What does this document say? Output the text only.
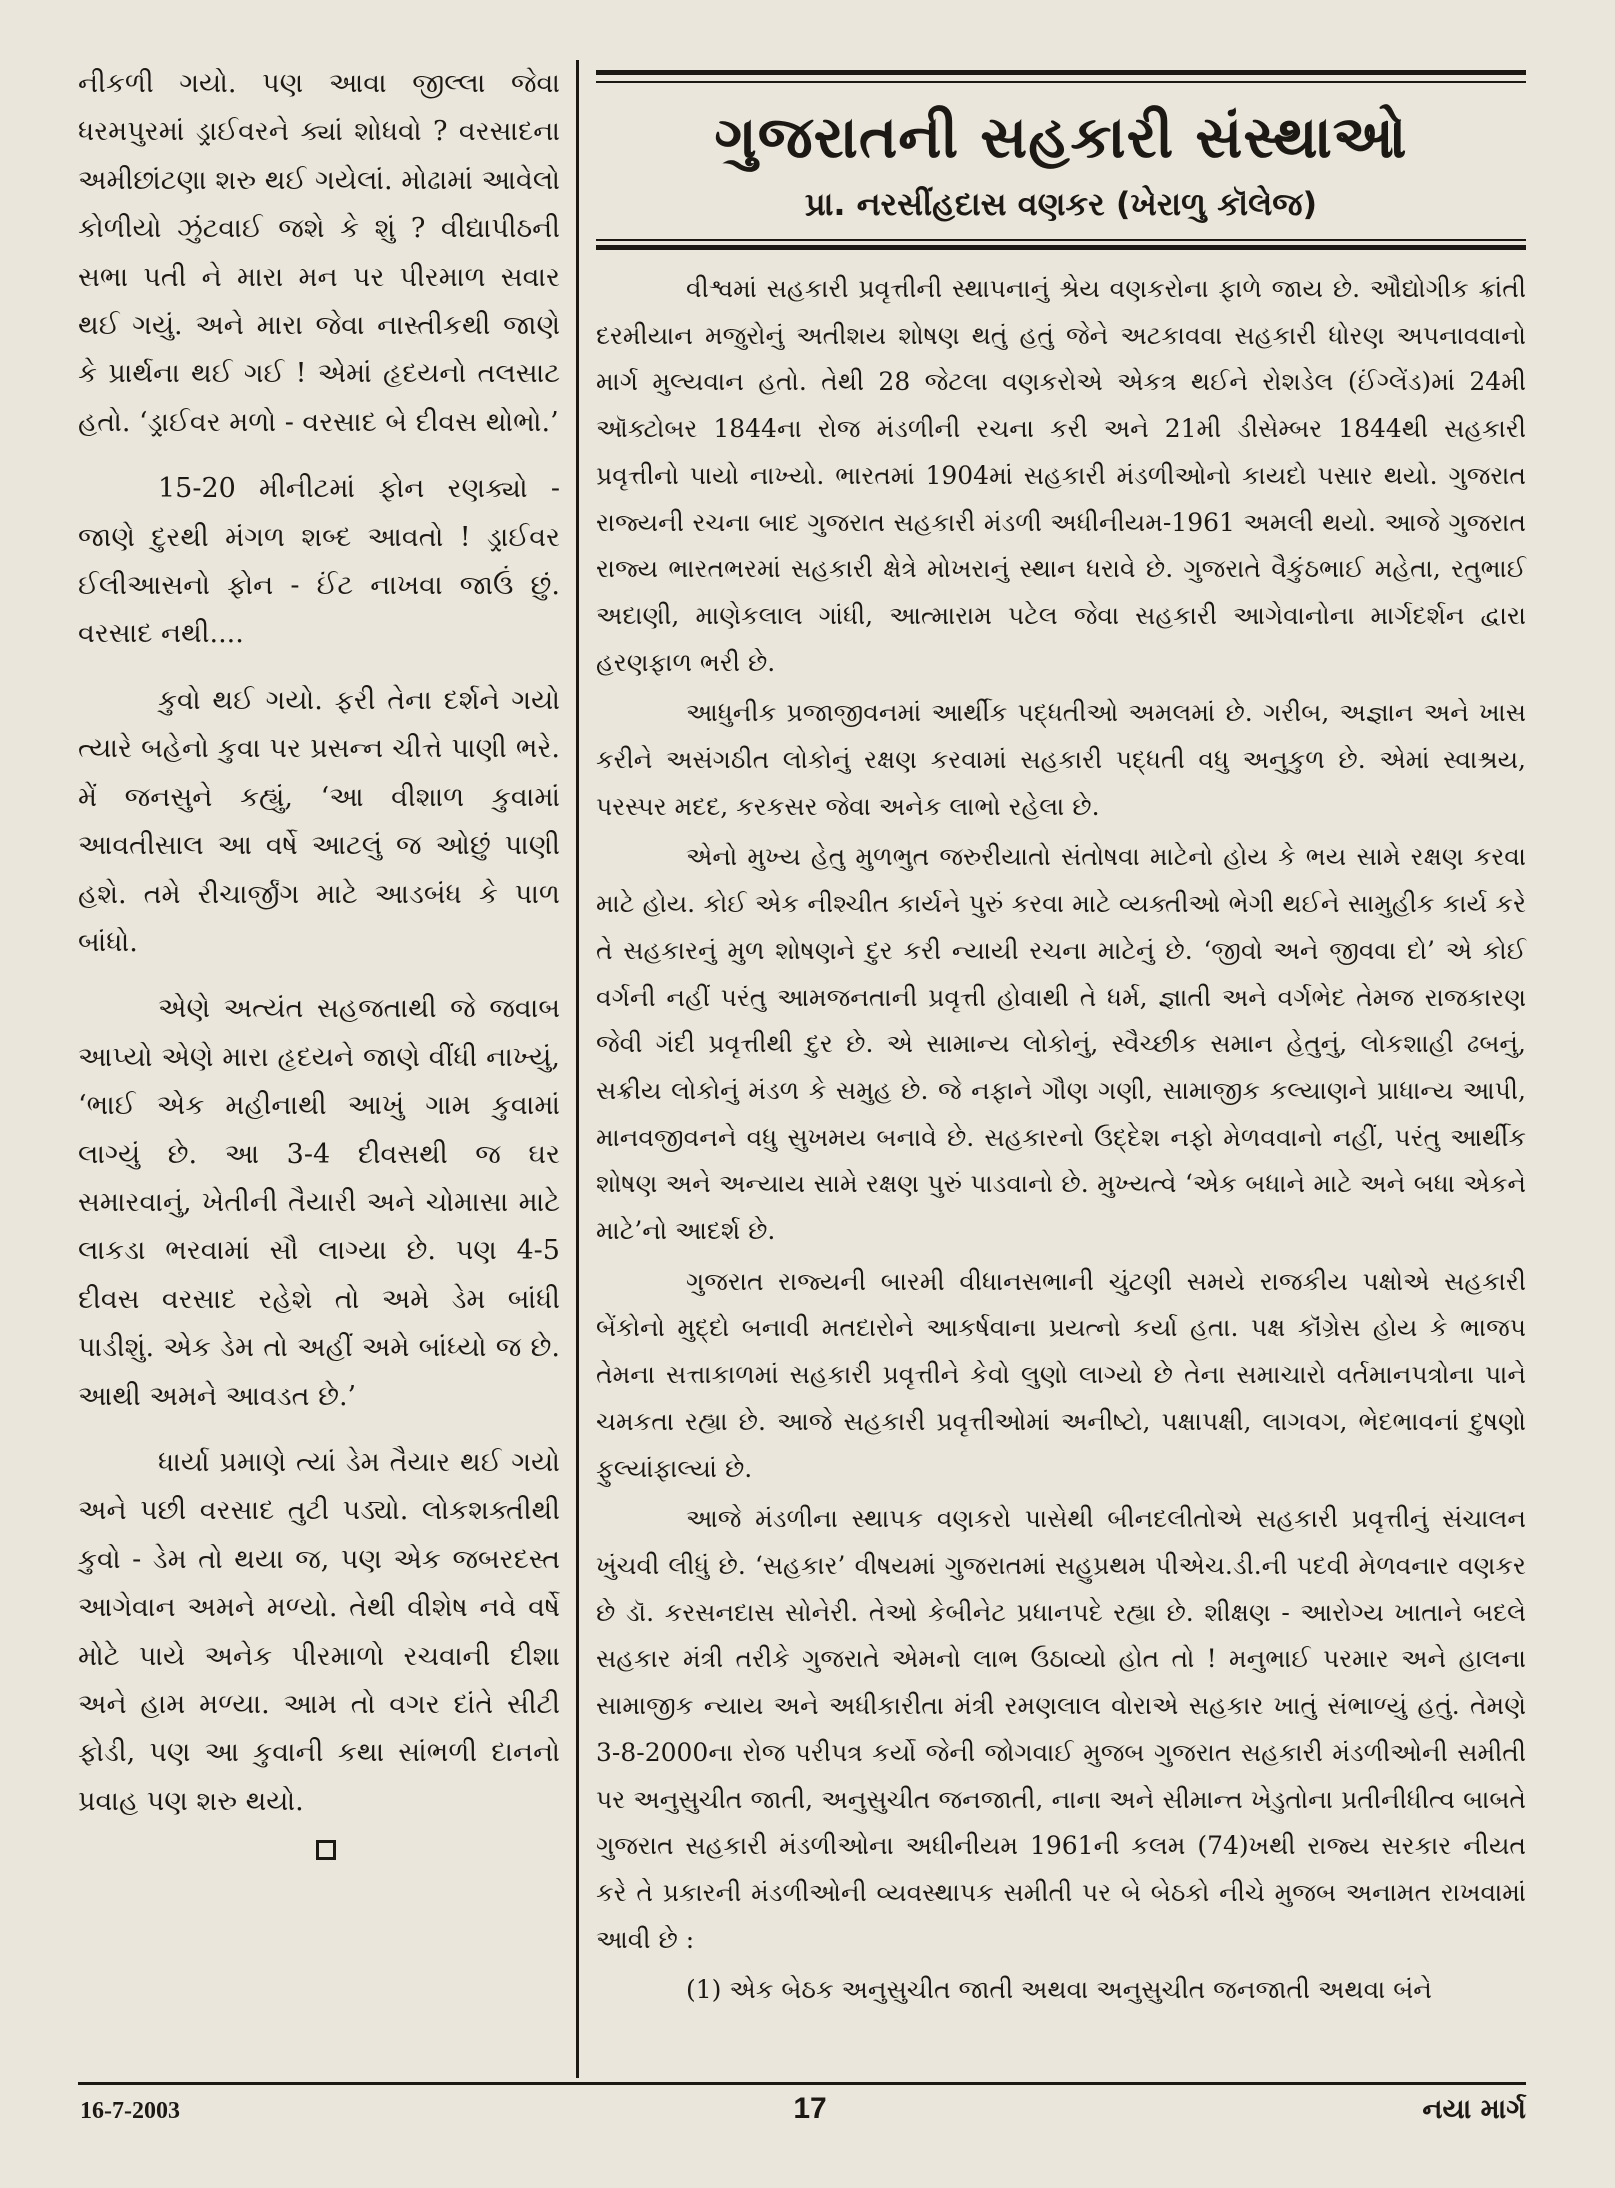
નીકળી ગયો. પણ આવા જીલ્લા જેવા ધરમપુરમાં ડ્રાઈવરને ક્યાં શોધવો ? વરસાદના અમીછાંટણા શરુ થઈ ગયેલાં. મોઢામાં આવેલો કોળીયો ઝુંટવાઈ જશે કે શું ? વીદ્યાપીઠની સભા પતી ને મારા મન પર પીરમાળ સવાર થઈ ગયું. અને મારા જેવા નાસ્તીકથી જાણે કે પ્રાર્થના થઈ ગઈ ! એમાં હૃદયનો તલસાટ હતો. ‘ડ્રાઈવર મળો - વરસાદ બે દીવસ થોભો.’

15-20 મીનીટમાં ફોન રણક્યો - જાણે દુરથી મંગળ શબ્દ આવતો ! ડ્રાઈવર ઈલીઆસનો ફોન - ઈંટ નાખવા જાઉં છું. વરસાદ નથી....

કુવો થઈ ગયો. ફરી તેના દર્શને ગયો ત્યારે બહેનો કુવા પર પ્રસન્ન ચીત્તે પાણી ભરે. મેં જનસુને કહ્યું, ‘આ વીશાળ કુવામાં આવતીસાલ આ વર્ષે આટલું જ ઓછું પાણી હશે. તમે રીચાર્જીંગ માટે આડબંધ કે પાળ બાંધો.

એણે અત્યંત સહજતાથી જે જવાબ આપ્યો એણે મારા હૃદયને જાણે વીંધી નાખ્યું, ‘ભાઈ એક મહીનાથી આખું ગામ કુવામાં લાગ્યું છે. આ 3-4 દીવસથી જ ઘર સમારવાનું, ખેતીની તૈયારી અને ચોમાસા માટે લાકડા ભરવામાં સૌ લાગ્યા છે. પણ 4-5 દીવસ વરસાદ રહેશે તો અમે ડેમ બાંધી પાડીશું. એક ડેમ તો અહીં અમે બાંધ્યો જ છે. આથી અમને આવડત છે.’

ધાર્યા પ્રમાણે ત્યાં ડેમ તૈયાર થઈ ગયો અને પછી વરસાદ તુટી પડ્યો. લોકશક્તીથી કુવો - ડેમ તો થયા જ, પણ એક જબરદસ્ત આગેવાન અમને મળ્યો. તેથી વીશેષ નવે વર્ષે મોટે પાયે અનેક પીરમાળો રચવાની દીશા અને હામ મળ્યા. આમ તો વગર દાંતે સીટી ફોડી, પણ આ કુવાની કથા સાંભળી દાનનો પ્રવાહ પણ શરુ થયો.

ગુજરાતની સહકારી સંસ્થાઓ
પ્રા. નરસીંહદાસ વણકર (ખેરાળુ કૉલેજ)

વીશ્વમાં સહકારી પ્રવૃત્તીની સ્થાપનાનું શ્રેય વણકરોના ફાળે જાય છે. ઔદ્યોગીક ક્રાંતી દરમીયાન મજુરોનું અતીશય શોષણ થતું હતું જેને અટકાવવા સહકારી ધોરણ અપનાવવાનો માર્ગ મુલ્યવાન હતો. તેથી 28 જેટલા વણકરોએ એકત્ર થઈને રોશડેલ (ઈંગ્લેંડ)માં 24મી ઑક્ટોબર 1844ના રોજ મંડળીની રચના કરી અને 21મી ડીસેમ્બર 1844થી સહકારી પ્રવૃત્તીનો પાયો નાખ્યો. ભારતમાં 1904માં સહકારી મંડળીઓનો કાયદો પસાર થયો. ગુજરાત રાજ્યની રચના બાદ ગુજરાત સહકારી મંડળી અધીનીયમ-1961 અમલી થયો. આજે ગુજરાત રાજ્ય ભારતભરમાં સહકારી ક્ષેત્રે મોખરાનું સ્થાન ધરાવે છે. ગુજરાતે વૈકુંઠભાઈ મહેતા, રતુભાઈ અદાણી, માણેકલાલ ગાંધી, આત્મારામ પટેલ જેવા સહકારી આગેવાનોના માર્ગદર્શન દ્વારા હરણફાળ ભરી છે.

આધુનીક પ્રજાજીવનમાં આર્થીક પદ્ધતીઓ અમલમાં છે. ગરીબ, અજ્ઞાન અને ખાસ કરીને અસંગઠીત લોકોનું રક્ષણ કરવામાં સહકારી પદ્ધતી વધુ અનુકુળ છે. એમાં સ્વાશ્રય, પરસ્પર મદદ, કરકસર જેવા અનેક લાભો રહેલા છે.

એનો મુખ્ય હેતુ મુળભુત જરુરીયાતો સંતોષવા માટેનો હોય કે ભય સામે રક્ષણ કરવા માટે હોય. કોઈ એક નીશ્ચીત કાર્યને પુરું કરવા માટે વ્યક્તીઓ ભેગી થઈને સામુહીક કાર્ય કરે તે સહકારનું મુળ શોષણને દુર કરી ન્યાયી રચના માટેનું છે. ‘જીવો અને જીવવા દો’ એ કોઈ વર્ગની નહીં પરંતુ આમજનતાની પ્રવૃત્તી હોવાથી તે ધર્મ, જ્ઞાતી અને વર્ગભેદ તેમજ રાજકારણ જેવી ગંદી પ્રવૃત્તીથી દુર છે. એ સામાન્ય લોકોનું, સ્વૈચ્છીક સમાન હેતુનું, લોકશાહી ઢબનું, સક્રીય લોકોનું મંડળ કે સમુહ છે. જે નફાને ગૌણ ગણી, સામાજીક કલ્યાણને પ્રાધાન્ય આપી, માનવજીવનને વધુ સુખમય બનાવે છે. સહકારનો ઉદ્દેશ નફો મેળવવાનો નહીં, પરંતુ આર્થીક શોષણ અને અન્યાય સામે રક્ષણ પુરું પાડવાનો છે. મુખ્યત્વે ‘એક બધાને માટે અને બધા એકને માટે’નો આદર્શ છે.

ગુજરાત રાજ્યની બારમી વીધાનસભાની ચુંટણી સમયે રાજકીય પક્ષોએ સહકારી બેંકોનો મુદ્દો બનાવી મતદારોને આકર્ષવાના પ્રયત્નો કર્યા હતા. પક્ષ કૉંગ્રેસ હોય કે ભાજપ તેમના સત્તાકાળમાં સહકારી પ્રવૃત્તીને કેવો લુણો લાગ્યો છે તેના સમાચારો વર્તમાનપત્રોના પાને ચમકતા રહ્યા છે. આજે સહકારી પ્રવૃત્તીઓમાં અનીષ્ટો, પક્ષાપક્ષી, લાગવગ, ભેદભાવનાં દુષણો ફુલ્યાંફાલ્યાં છે.

આજે મંડળીના સ્થાપક વણકરો પાસેથી બીનદલીતોએ સહકારી પ્રવૃત્તીનું સંચાલન ખુંચવી લીધું છે. ‘સહકાર’ વીષયમાં ગુજરાતમાં સહુપ્રથમ પીએચ.ડી.ની પદવી મેળવનાર વણકર છે ડૉ. કરસનદાસ સોનેરી. તેઓ કેબીનેટ પ્રધાનપદે રહ્યા છે. શીક્ષણ - આરોગ્ય ખાતાને બદલે સહકાર મંત્રી તરીકે ગુજરાતે એમનો લાભ ઉઠાવ્યો હોત તો ! મનુભાઈ પરમાર અને હાલના સામાજીક ન્યાય અને અધીકારીતા મંત્રી રમણલાલ વોરાએ સહકાર ખાતું સંભાળ્યું હતું. તેમણે 3-8-2000ના રોજ પરીપત્ર કર્યો જેની જોગવાઈ મુજબ ગુજરાત સહકારી મંડળીઓની સમીતી પર અનુસુચીત જાતી, અનુસુચીત જનજાતી, નાના અને સીમાન્ત ખેડુતોના પ્રતીનીધીત્વ બાબતે ગુજરાત સહકારી મંડળીઓના અધીનીયમ 1961ની કલમ (74)ખથી રાજ્ય સરકાર નીયત કરે તે પ્રકારની મંડળીઓની વ્યવસ્થાપક સમીતી પર બે બેઠકો નીચે મુજબ અનામત રાખવામાં આવી છે :

(1) એક બેઠક અનુસુચીત જાતી અથવા અનુસુચીત જનજાતી અથવા બંને

16-7-2003	17	નયા માર્ગ
